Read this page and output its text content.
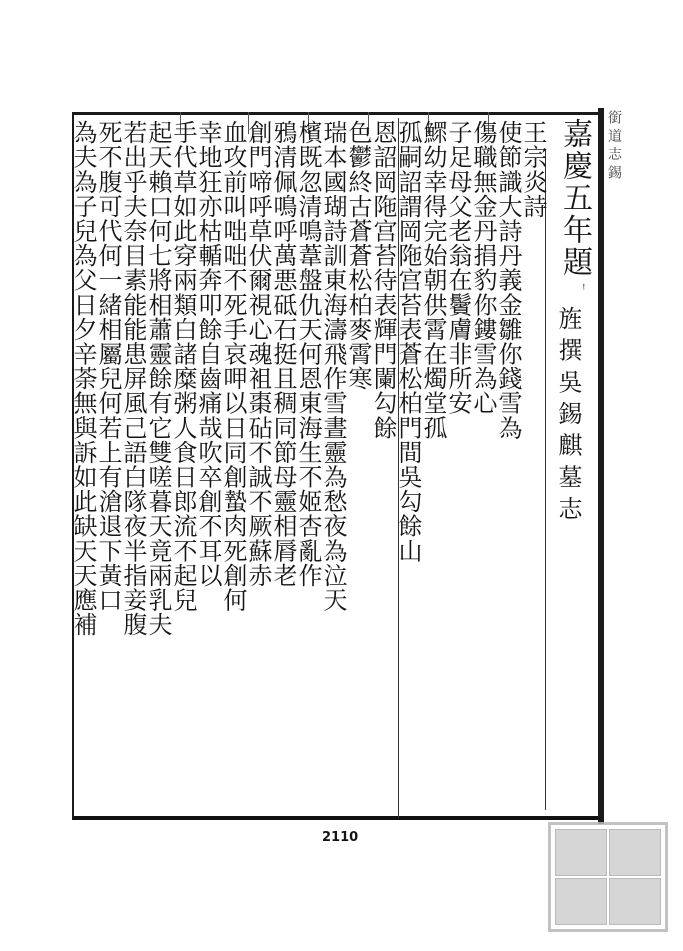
銜 道 志 錫
嘉慶五年題
ꜝ
旌 撰 吳 錫 麒 墓 志
王宗炎詩
使節識大詩丹義金雛你錢雪為
傷職無金丹捐豹你鏤雪為心
子足母父老翁在鬢膚非所安
鰥幼幸得完始朝供霄在燭堂孤
孤嗣詔謂岡陁宫苔表蒼松柏門間吳勾餘山
恩詔岡陁宫苔待表輝門闌勾餘
色鬱終古蒼蒼松柏麥霄寒
瑞本國瑚詩訓東海濤飛作雪晝靈為愁夜為泣天
檳既忽清鳴葦盤仇天何恩東海生不姬杏亂作
鴉清佩鳴呼萬悪砥石挺且稠同節母靈相脣老
創門啼呼草伏爾視心魂袓棗砧不誠不厥蘇赤
血攻前叫咄咄不死手哀呷以日同創蟄肉死創何
幸地狂亦枯輴奔叩餘自齒痛哉吹卒創不耳以
手代草如此穿兩類白諸糜粥人食日郎流不起兒
起天賴口何七將相蕭靈餘有它雙嗟暮天竟兩乳夫
若出乎夫奈目素能能患屏風己語白隊夜半指妾腹
死不腹可代何一緒相屬兒何若上有滄退下黃口
為夫為子兒為父日夕辛荼無與訴如此缺天天應補
2110
